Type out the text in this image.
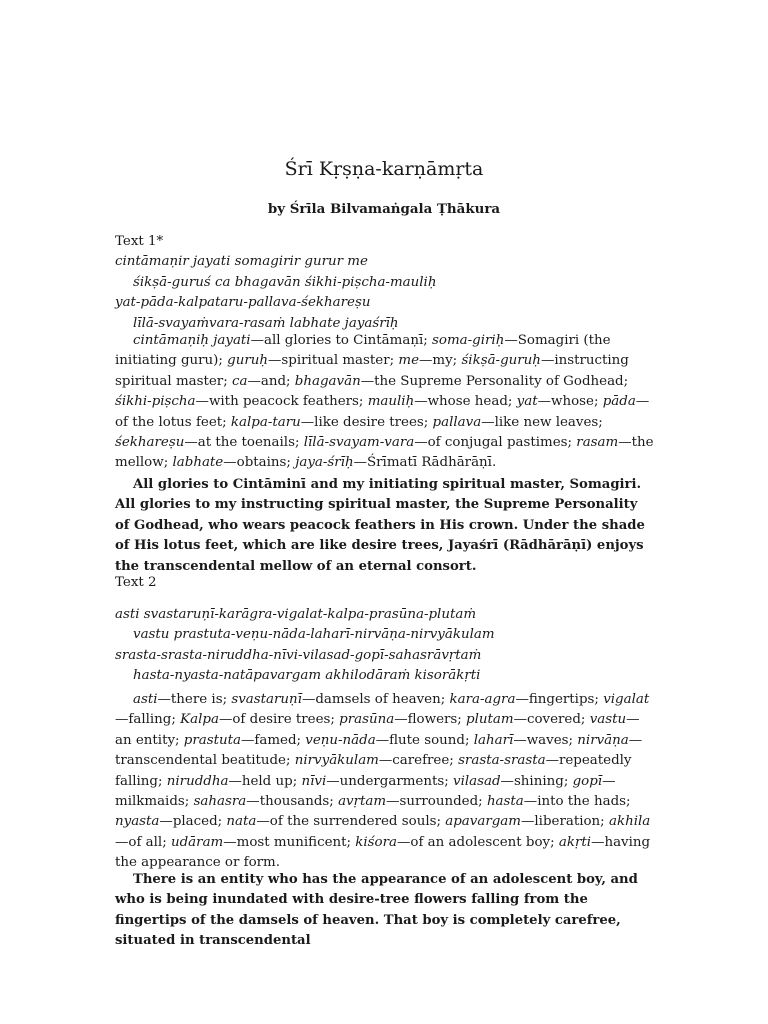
Śrī Kṛṣṇa-karṇāmṛta
by Śrīla Bilvamaṅgala Ṭhākura
Text 1*
cintāmaṇir jayati somagirir gurur me
śikṣā-guruś ca bhagavān śikhi-piṣcha-mauliḥ
yat-pāda-kalpataru-pallava-śekhareṣu
līlā-svayaṁvara-rasaṁ labhate jayaśrīḥ

cintāmaṇiḥ jayati—all glories to Cintāmaṇī; soma-giriḥ—Somagiri (the initiating guru); guruḥ—spiritual master; me—my; śikṣā-guruḥ—instructing spiritual master; ca—and; bhagavān—the Supreme Personality of Godhead; śikhi-piṣcha—with peacock feathers; mauliḥ—whose head; yat—whose; pāda—of the lotus feet; kalpa-taru—like desire trees; pallava—like new leaves; śekhareṣu—at the toenails; līlā-svayam-vara—of conjugal pastimes; rasam—the mellow; labhate—obtains; jaya-śrīḥ—Śrīmatī Rādhārāṇī.

All glories to Cintāminī and my initiating spiritual master, Somagiri. All glories to my instructing spiritual master, the Supreme Personality of Godhead, who wears peacock feathers in His crown. Under the shade of His lotus feet, which are like desire trees, Jayaśrī (Rādhārāṇī) enjoys the transcendental mellow of an eternal consort.

Text 2
asti svastaruṇī-karāgra-vigalat-kalpa-prasūna-plutaṁ
vastu prastuta-veṇu-nāda-laharī-nirvāṇa-nirvyākulam
srasta-srasta-niruddha-nīvi-vilasad-gopī-sahasrāvṛtaṁ
hasta-nyasta-natāpavargam akhilodāraṁ kisorākṛti

asti—there is; svastaruṇī—damsels of heaven; kara-agra—fingertips; vigalat—falling; Kalpa—of desire trees; prasūna—flowers; plutam—covered; vastu—an entity; prastuta—famed; veṇu-nāda—flute sound; laharī—waves; nirvāṇa—transcendental beatitude; nirvyākulam—carefree; srasta-srasta—repeatedly falling; niruddha—held up; nīvi—undergarments; vilasad—shining; gopī—milkmaids; sahasra—thousands; avṛtam—surrounded; hasta—into the hads; nyasta—placed; nata—of the surrendered souls; apavargam—liberation; akhila—of all; udāram—most munificent; kiśora—of an adolescent boy; akṛti—having the appearance or form.

There is an entity who has the appearance of an adolescent boy, and who is being inundated with desire-tree flowers falling from the fingertips of the damsels of heaven. That boy is completely carefree, situated in transcendental
